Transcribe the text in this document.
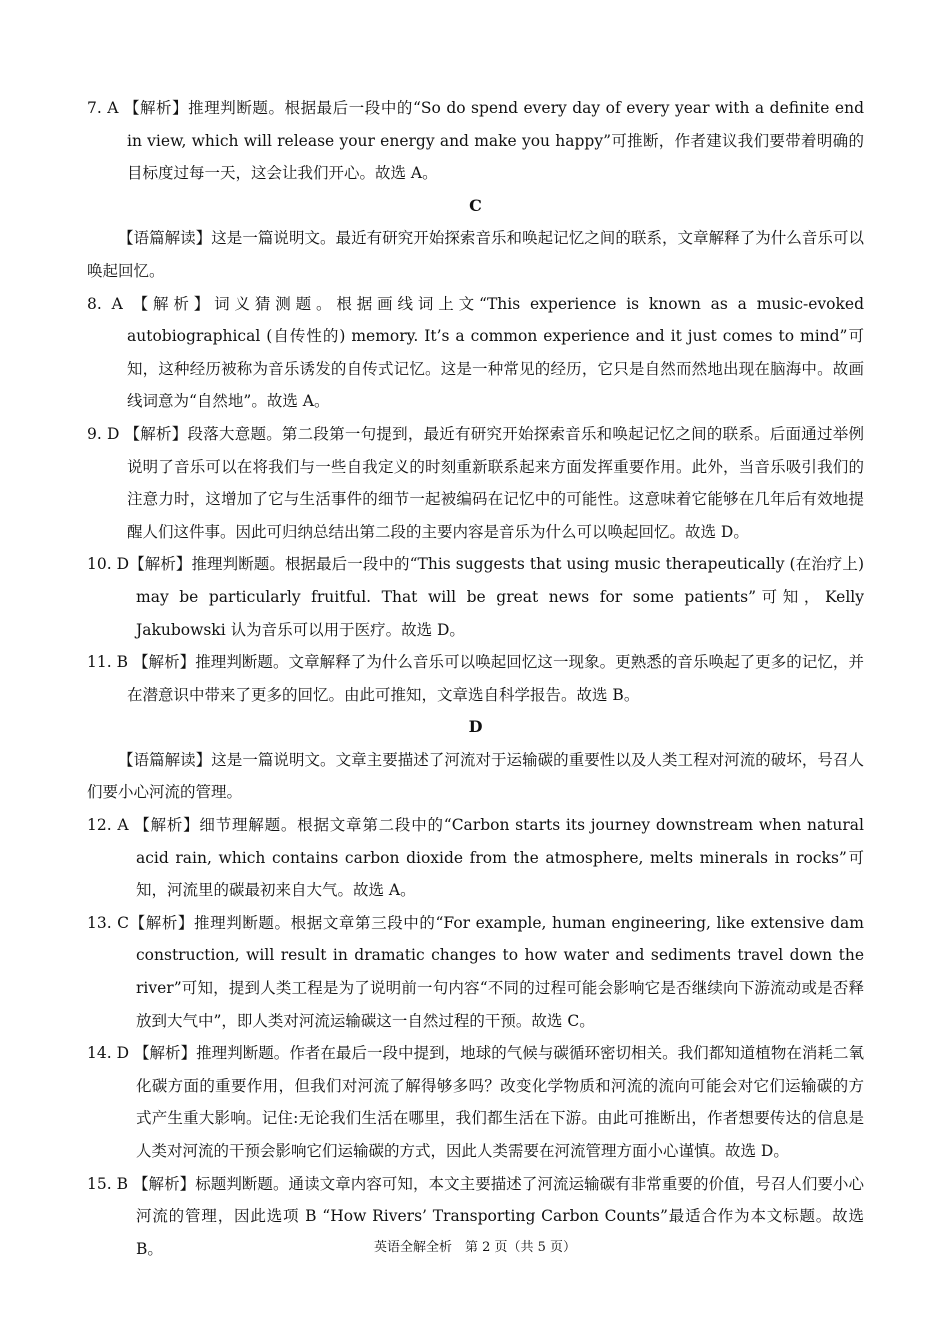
7. A 【解析】推理判断题。根据最后一段中的“So do spend every day of every year with a definite end in view, which will release your energy and make you happy”可推断，作者建议我们要带着明确的目标度过每一天，这会让我们开心。故选 A。

C

【语篇解读】这是一篇说明文。最近有研究开始探索音乐和唤起记忆之间的联系，文章解释了为什么音乐可以唤起回忆。

8. A 【解析】词义猜测题。根据画线词上文“This experience is known as a music-evoked autobiographical (自传性的) memory. It’s a common experience and it just comes to mind”可知，这种经历被称为音乐诱发的自传式记忆。这是一种常见的经历，它只是自然而然地出现在脑海中。故画线词意为“自然地”。故选 A。

9. D 【解析】段落大意题。第二段第一句提到，最近有研究开始探索音乐和唤起记忆之间的联系。后面通过举例说明了音乐可以在将我们与一些自我定义的时刻重新联系起来方面发挥重要作用。此外，当音乐吸引我们的注意力时，这增加了它与生活事件的细节一起被编码在记忆中的可能性。这意味着它能够在几年后有效地提醒人们这件事。因此可归纳总结出第二段的主要内容是音乐为什么可以唤起回忆。故选 D。

10. D【解析】推理判断题。根据最后一段中的“This suggests that using music therapeutically (在治疗上) may be particularly fruitful. That will be great news for some patients”可知，Kelly Jakubowski 认为音乐可以用于医疗。故选 D。

11. B 【解析】推理判断题。文章解释了为什么音乐可以唤起回忆这一现象。更熟悉的音乐唤起了更多的记忆，并在潜意识中带来了更多的回忆。由此可推知，文章选自科学报告。故选 B。

D

【语篇解读】这是一篇说明文。文章主要描述了河流对于运输碳的重要性以及人类工程对河流的破坏，号召人们要小心河流的管理。

12. A 【解析】细节理解题。根据文章第二段中的“Carbon starts its journey downstream when natural acid rain, which contains carbon dioxide from the atmosphere, melts minerals in rocks”可知，河流里的碳最初来自大气。故选 A。

13. C【解析】推理判断题。根据文章第三段中的“For example, human engineering, like extensive dam construction, will result in dramatic changes to how water and sediments travel down the river”可知，提到人类工程是为了说明前一句内容“不同的过程可能会影响它是否继续向下游流动或是否释放到大气中”，即人类对河流运输碳这一自然过程的干预。故选 C。

14. D 【解析】推理判断题。作者在最后一段中提到，地球的气候与碳循环密切相关。我们都知道植物在消耗二氧化碳方面的重要作用，但我们对河流了解得够多吗？改变化学物质和河流的流向可能会对它们运输碳的方式产生重大影响。记住:无论我们生活在哪里，我们都生活在下游。由此可推断出，作者想要传达的信息是人类对河流的干预会影响它们运输碳的方式，因此人类需要在河流管理方面小心谨慎。故选 D。

15. B 【解析】标题判断题。通读文章内容可知，本文主要描述了河流运输碳有非常重要的价值，号召人们要小心河流的管理，因此选项 B “How Rivers’ Transporting Carbon Counts”最适合作为本文标题。故选 B。	英语全解全析　第 2 页（共 5 页）
